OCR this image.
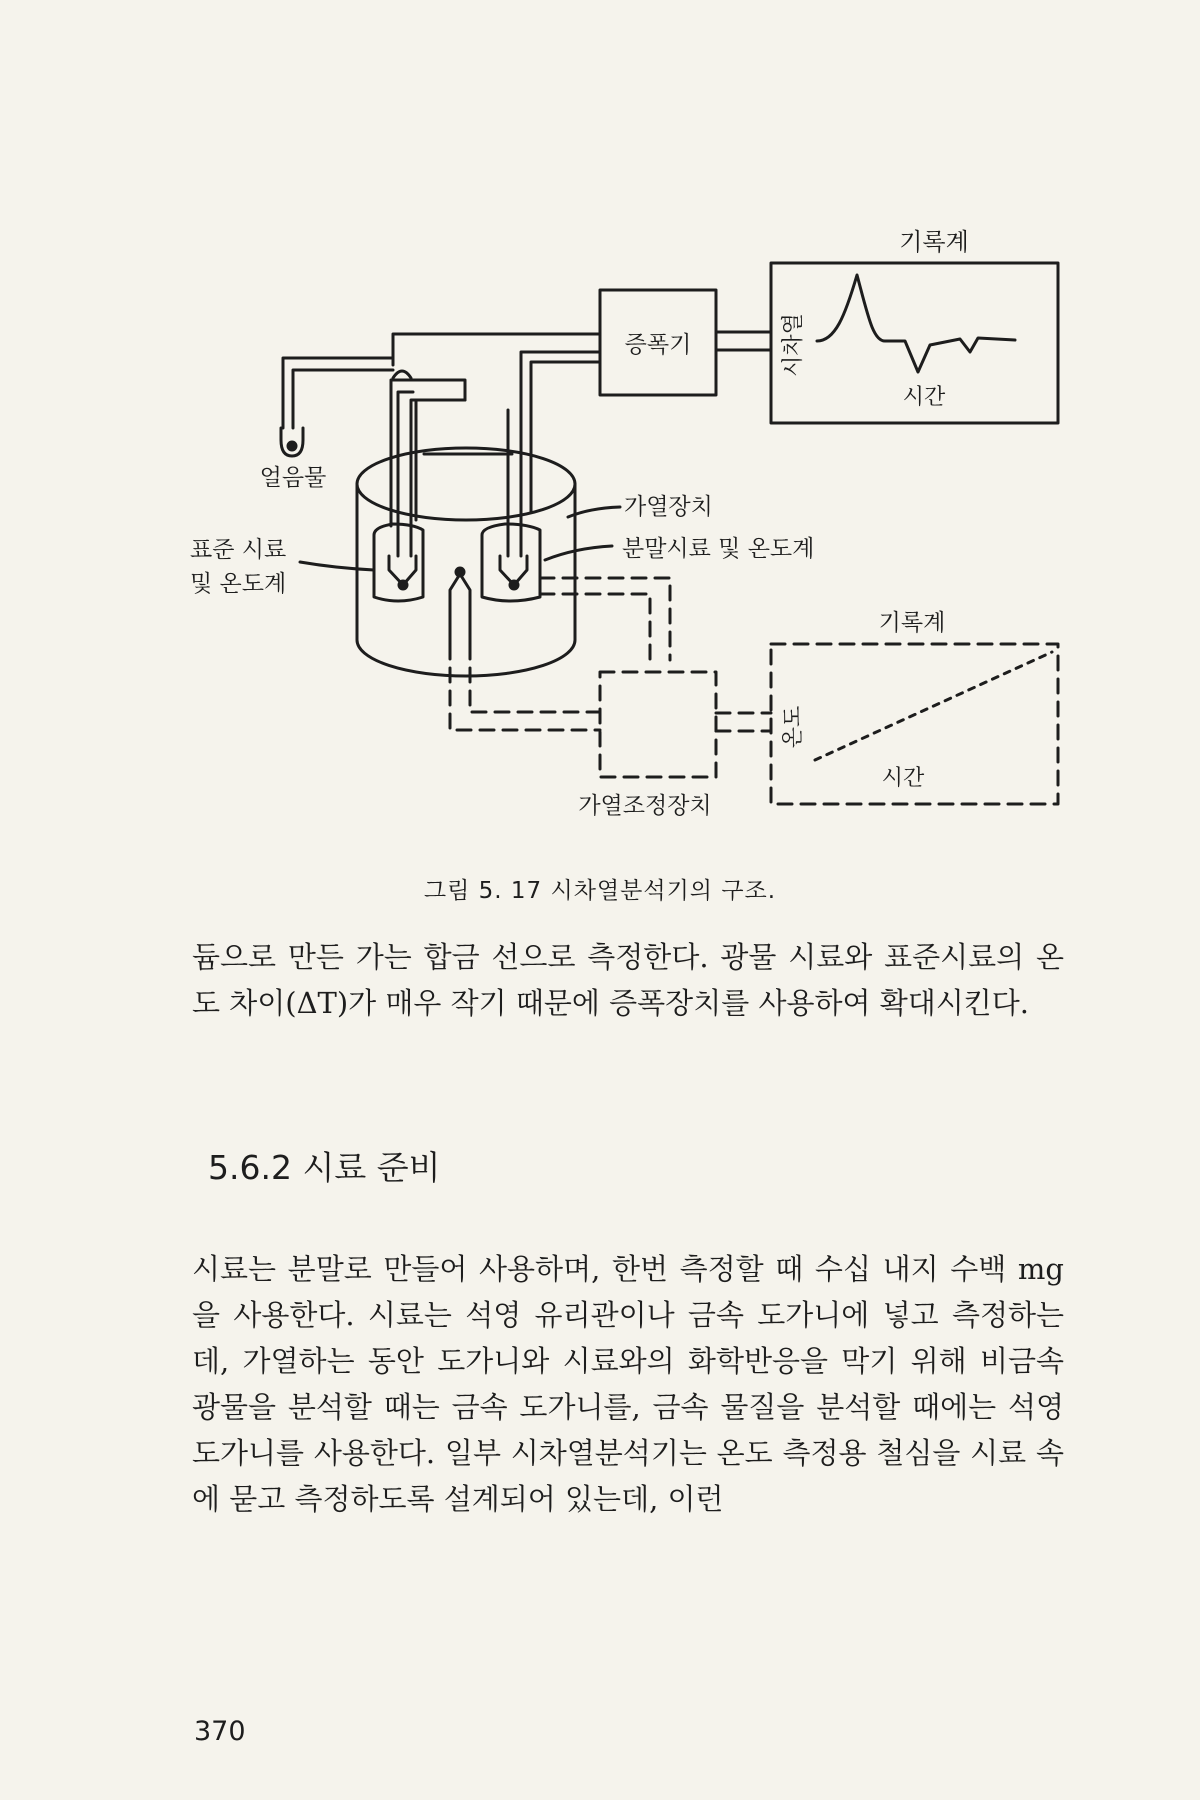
기록계
시차열
시간
증폭기
얼음물
표준 시료
및 온도계
가열장치
분말시료 및 온도계
가열조정장치
기록계
온도
시간
그림 5. 17 시차열분석기의 구조.

듐으로 만든 가는 합금 선으로 측정한다. 광물 시료와 표준시료의 온도 차이(ΔT)가 매우 작기 때문에 증폭장치를 사용하여 확대시킨다.

5.6.2 시료 준비

시료는 분말로 만들어 사용하며, 한번 측정할 때 수십 내지 수백 mg을 사용한다. 시료는 석영 유리관이나 금속 도가니에 넣고 측정하는데, 가열하는 동안 도가니와 시료와의 화학반응을 막기 위해 비금속 광물을 분석할 때는 금속 도가니를, 금속 물질을 분석할 때에는 석영 도가니를 사용한다. 일부 시차열분석기는 온도 측정용 철심을 시료 속에 묻고 측정하도록 설계되어 있는데, 이런

370
